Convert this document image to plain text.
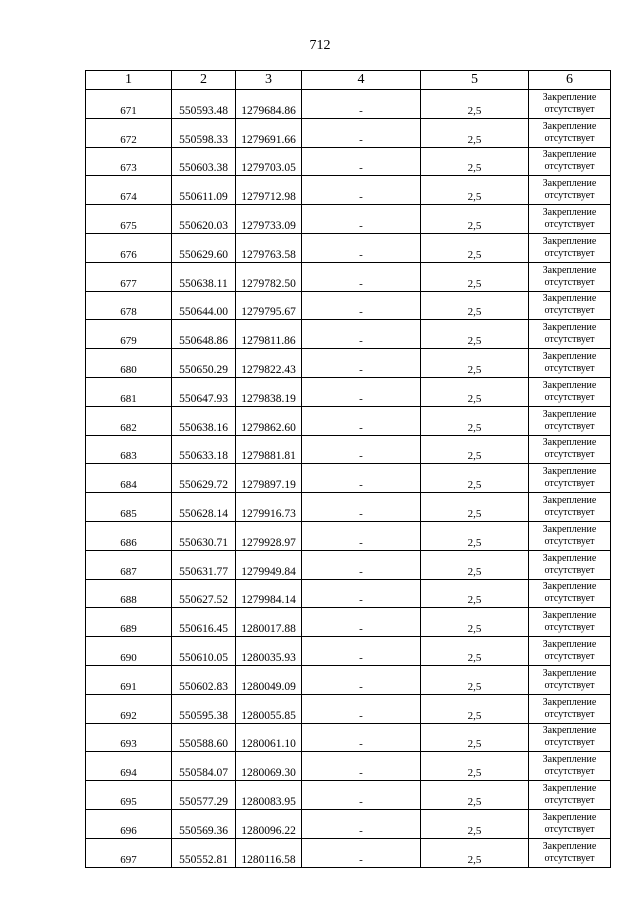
712
1	2	3	4	5	6
671	550593.48	1279684.86	-	2,5	Закрепление
отсутствует

672	550598.33	1279691.66	-	2,5	Закрепление
отсутствует

673	550603.38	1279703.05	-	2,5	Закрепление
отсутствует

674	550611.09	1279712.98	-	2,5	Закрепление
отсутствует

675	550620.03	1279733.09	-	2,5	Закрепление
отсутствует

676	550629.60	1279763.58	-	2,5	Закрепление
отсутствует

677	550638.11	1279782.50	-	2,5	Закрепление
отсутствует

678	550644.00	1279795.67	-	2,5	Закрепление
отсутствует

679	550648.86	1279811.86	-	2,5	Закрепление
отсутствует

680	550650.29	1279822.43	-	2,5	Закрепление
отсутствует

681	550647.93	1279838.19	-	2,5	Закрепление
отсутствует

682	550638.16	1279862.60	-	2,5	Закрепление
отсутствует

683	550633.18	1279881.81	-	2,5	Закрепление
отсутствует

684	550629.72	1279897.19	-	2,5	Закрепление
отсутствует

685	550628.14	1279916.73	-	2,5	Закрепление
отсутствует

686	550630.71	1279928.97	-	2,5	Закрепление
отсутствует

687	550631.77	1279949.84	-	2,5	Закрепление
отсутствует

688	550627.52	1279984.14	-	2,5	Закрепление
отсутствует

689	550616.45	1280017.88	-	2,5	Закрепление
отсутствует

690	550610.05	1280035.93	-	2,5	Закрепление
отсутствует

691	550602.83	1280049.09	-	2,5	Закрепление
отсутствует

692	550595.38	1280055.85	-	2,5	Закрепление
отсутствует

693	550588.60	1280061.10	-	2,5	Закрепление
отсутствует

694	550584.07	1280069.30	-	2,5	Закрепление
отсутствует

695	550577.29	1280083.95	-	2,5	Закрепление
отсутствует

696	550569.36	1280096.22	-	2,5	Закрепление
отсутствует

697	550552.81	1280116.58	-	2,5	Закрепление
отсутствует
